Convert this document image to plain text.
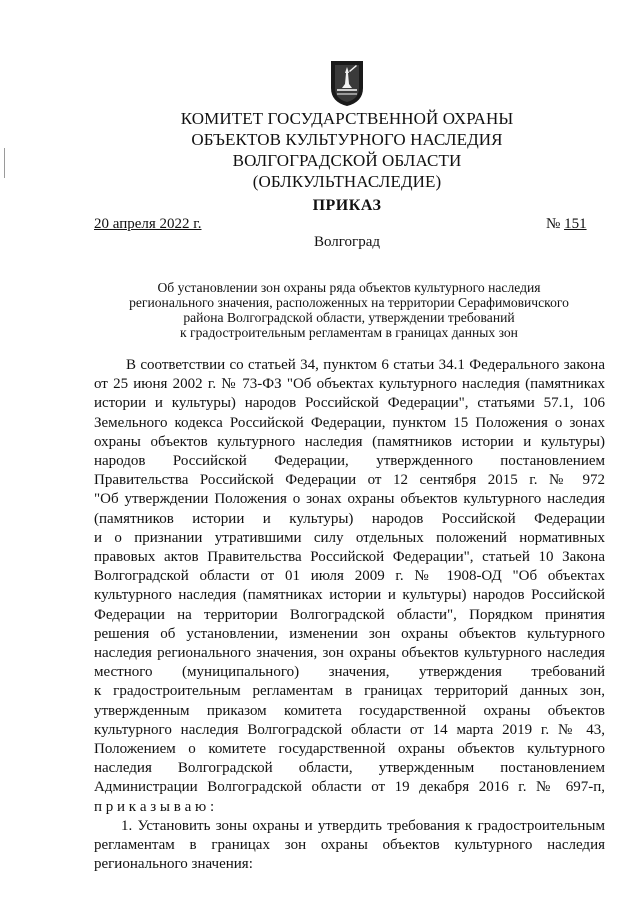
КОМИТЕТ ГОСУДАРСТВЕННОЙ ОХРАНЫ
ОБЪЕКТОВ КУЛЬТУРНОГО НАСЛЕДИЯ
ВОЛГОГРАДСКОЙ ОБЛАСТИ
(ОБЛКУЛЬТНАСЛЕДИЕ)
ПРИКАЗ
20 апреля 2022 г.	№ 151
Волгоград
Об установлении зон охраны ряда объектов культурного наследия
регионального значения, расположенных на территории Серафимовичского
района Волгоградской области, утверждении требований
к градостроительным регламентам в границах данных зон
В соответствии со статьей 34, пунктом 6 статьи 34.1 Федерального закона
от 25 июня 2002 г. № 73-ФЗ "Об объектах культурного наследия (памятниках
истории и культуры) народов Российской Федерации", статьями 57.1, 106
Земельного кодекса Российской Федерации, пунктом 15 Положения о зонах
охраны объектов культурного наследия (памятников истории и культуры)
народов Российской Федерации, утвержденного постановлением
Правительства Российской Федерации от 12 сентября 2015 г. № 972
"Об утверждении Положения о зонах охраны объектов культурного наследия
(памятников истории и культуры) народов Российской Федерации
и о признании утратившими силу отдельных положений нормативных
правовых актов Правительства Российской Федерации", статьей 10 Закона
Волгоградской области от 01 июля 2009 г. № 1908-ОД "Об объектах
культурного наследия (памятниках истории и культуры) народов Российской
Федерации на территории Волгоградской области", Порядком принятия
решения об установлении, изменении зон охраны объектов культурного
наследия регионального значения, зон охраны объектов культурного наследия
местного (муниципального) значения, утверждения требований
к градостроительным регламентам в границах территорий данных зон,
утвержденным приказом комитета государственной охраны объектов
культурного наследия Волгоградской области от 14 марта 2019 г. № 43,
Положением о комитете государственной охраны объектов культурного
наследия Волгоградской области, утвержденным постановлением
Администрации Волгоградской области от 19 декабря 2016 г. № 697-п,
п р и к а з ы в а ю :
1. Установить зоны охраны и утвердить требования к градостроительным
регламентам в границах зон охраны объектов культурного наследия
регионального значения:
